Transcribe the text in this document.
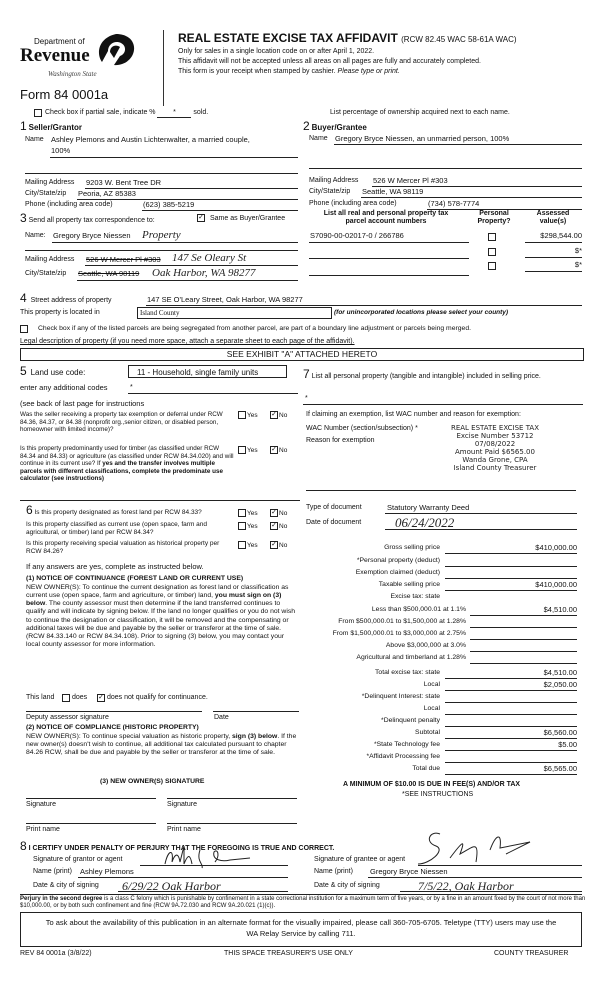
Department of
Revenue
Washington State
Form 84 0001a
REAL ESTATE EXCISE TAX AFFIDAVIT (RCW 82.45 WAC 58-61A WAC)
Only for sales in a single location code on or after April 1, 2022.
This affidavit will not be accepted unless all areas on all pages are fully and accurately completed.
This form is your receipt when stamped by cashier. Please type or print.
Check box if partial sale, indicate %	*	sold.	List percentage of ownership acquired next to each name.
1 Seller/Grantor
Name Ashley Plemons and Austin Lichtenwalter, a married couple,
100%
Mailing Address 9203 W. Bent Tree DR
City/State/zip Peoria, AZ 85383
Phone (including area code)	(623) 385-5219
2 Buyer/Grantee
Name Gregory Bryce Niessen, an unmarried person, 100%
Mailing Address 526 W Mercer Pl #303
City/State/zip Seattle, WA 98119
Phone (including area code)	(734) 578-7774
3 Send all property tax correspondence to:	✓ Same as Buyer/Grantee
Name: Gregory Bryce Niessen Property
Mailing Address 526 W Mercer Pl #303 147 Se Oleary St
City/State/zip Seattle, WA 98119 Oak Harbor, WA 98277
List all real and personal property tax
parcel account numbers
Personal
Property?
Assessed
value(s)
S7090-00-02017-0 / 266786	$298,544.00
$*
$*
4 Street address of property	147 SE O'Leary Street, Oak Harbor, WA 98277
This property is located in	Island County	(for unincorporated locations please select your county)
Check box if any of the listed parcels are being segregated from another parcel, are part of a boundary line adjustment or parcels being merged.
Legal description of property (if you need more space, attach a separate sheet to each page of the affidavit).
SEE EXHIBIT "A" ATTACHED HERETO
5 Land use code:	11 - Household, single family units
enter any additional codes	*
(see back of last page for instructions
Was the seller receiving a property tax exemption or deferral under RCW 84.36, 84.37, or 84.38 (nonprofit org.,senior citizen, or disabled person, homeowner with limited income)?
Yes ✓ No
Is this property predominantly used for timber (as classified under RCW 84.34 and 84.33) or agriculture (as classified under RCW 84.34.020) and will continue in its current use? If yes and the transfer involves multiple parcels with different classifications, complete the predominate use calculator (see instructions)
Yes ✓ No
6 Is this property designated as forest land per RCW 84.33?	Yes ✓ No
Is this property classified as current use (open space, farm and agricultural, or timber) land per RCW 84.34?
Yes ✓ No
Is this property receiving special valuation as historical property per RCW 84.26?
Yes ✓ No
If any answers are yes, complete as instructed below.
(1) NOTICE OF CONTINUANCE (FOREST LAND OR CURRENT USE)
NEW OWNER(S): To continue the current designation as forest land or classification as current use (open space, farm and agriculture, or timber) land, you must sign on (3) below. The county assessor must then determine if the land transferred continues to qualify and will indicate by signing below. If the land no longer qualifies or you do not wish to continue the designation or classification, it will be removed and the compensating or additional taxes will be due and payable by the seller or transferor at the time of sale. (RCW 84.33.140 or RCW 84.34.108). Prior to signing (3) below, you may contact your local county assessor for more information.
This land	does ✓ does not qualify for continuance.
Deputy assessor signature	Date
(2) NOTICE OF COMPLIANCE (HISTORIC PROPERTY)
NEW OWNER(S): To continue special valuation as historic property, sign (3) below. If the new owner(s) doesn't wish to continue, all additional tax calculated pursuant to chapter 84.26 RCW, shall be due and payable by the seller or transferor at the time of sale.
(3) NEW OWNER(S) SIGNATURE
Signature	Signature
Print name	Print name
7 List all personal property (tangible and intangible) included in selling price.
*
If claiming an exemption, list WAC number and reason for exemption:
WAC Number (section/subsection) *
Reason for exemption
REAL ESTATE EXCISE TAX
Excise Number 53712
07/08/2022
Amount Paid $6565.00
Wanda Grone, CPA
Island County Treasurer
Type of document	Statutory Warranty Deed
Date of document	06/24/2022
Gross selling price	$410,000.00
*Personal property (deduct)
Exemption claimed (deduct)
Taxable selling price	$410,000.00
Excise tax: state
Less than $500,000.01 at 1.1%	$4,510.00
From $500,000.01 to $1,500,000 at 1.28%
From $1,500,000.01 to $3,000,000 at 2.75%
Above $3,000,000 at 3.0%
Agricultural and timberland at 1.28%
Total excise tax: state	$4,510.00
Local	$2,050.00
*Delinquent Interest: state
Local
*Delinquent penalty
Subtotal	$6,560.00
*State Technology fee	$5.00
*Affidavit Processing fee
Total due	$6,565.00
A MINIMUM OF $10.00 IS DUE IN FEE(S) AND/OR TAX
*SEE INSTRUCTIONS
8 I CERTIFY UNDER PENALTY OF PERJURY THAT THE FOREGOING IS TRUE AND CORRECT.
Signature of grantor or agent
Name (print) Ashley Plemons
Date & city of signing 6/29/22 Oak Harbor
Signature of grantee or agent
Name (print) Gregory Bryce Niessen
Date & city of signing	7/5/22, Oak Harbor
Perjury in the second degree is a class C felony which is punishable by confinement in a state correctional institution for a maximum term of five years, or by a fine in an amount fixed by the court of not more than $10,000.00, or by both such confinement and fine (RCW 9A.72.030 and RCW 9A.20.021 (1)(c)).
To ask about the availability of this publication in an alternate format for the visually impaired, please call 360-705-6705. Teletype (TTY) users may use the WA Relay Service by calling 711.
REV 84 0001a (3/8/22)	THIS SPACE TREASURER'S USE ONLY	COUNTY TREASURER
